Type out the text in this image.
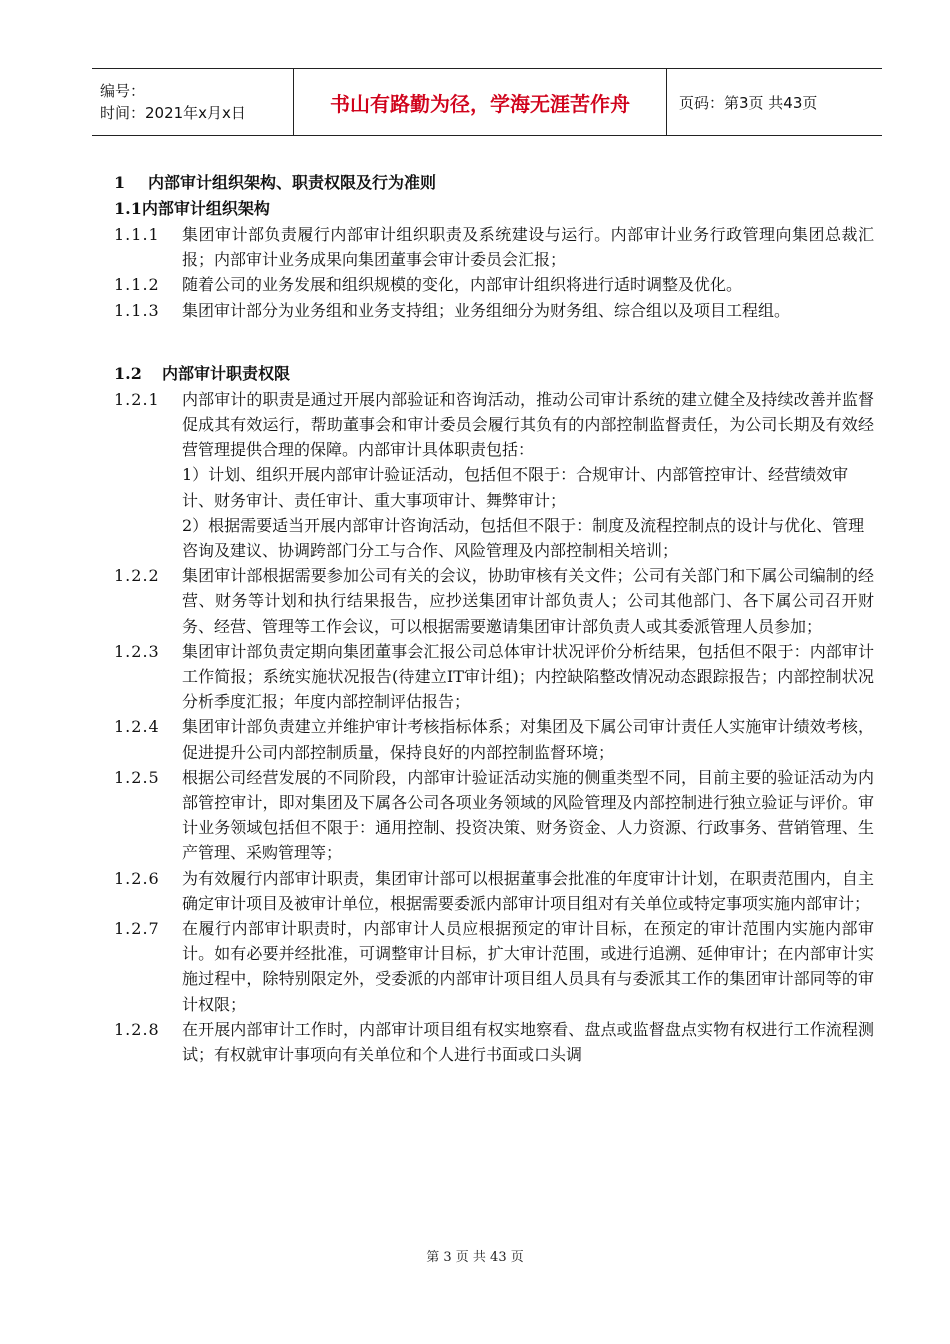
编号：
时间：2021年x月x日	书山有路勤为径，学海无涯苦作舟	页码：第3页 共43页
1 内部审计组织架构、职责权限及行为准则
1.1内部审计组织架构
1.1.1	集团审计部负责履行内部审计组织职责及系统建设与运行。内部审计业务行政管理向集团总裁汇报；内部审计业务成果向集团董事会审计委员会汇报；
1.1.2	随着公司的业务发展和组织规模的变化，内部审计组织将进行适时调整及优化。
1.1.3	集团审计部分为业务组和业务支持组；业务组细分为财务组、综合组以及项目工程组。
1.2 内部审计职责权限
1.2.1	内部审计的职责是通过开展内部验证和咨询活动，推动公司审计系统的建立健全及持续改善并监督促成其有效运行，帮助董事会和审计委员会履行其负有的内部控制监督责任，为公司长期及有效经营管理提供合理的保障。内部审计具体职责包括：
1）计划、组织开展内部审计验证活动，包括但不限于：合规审计、内部管控审计、经营绩效审计、财务审计、责任审计、重大事项审计、舞弊审计；
2）根据需要适当开展内部审计咨询活动，包括但不限于：制度及流程控制点的设计与优化、管理咨询及建议、协调跨部门分工与合作、风险管理及内部控制相关培训；
1.2.2	集团审计部根据需要参加公司有关的会议，协助审核有关文件；公司有关部门和下属公司编制的经营、财务等计划和执行结果报告，应抄送集团审计部负责人；公司其他部门、各下属公司召开财务、经营、管理等工作会议，可以根据需要邀请集团审计部负责人或其委派管理人员参加；
1.2.3	集团审计部负责定期向集团董事会汇报公司总体审计状况评价分析结果，包括但不限于：内部审计工作简报；系统实施状况报告(待建立IT审计组)；内控缺陷整改情况动态跟踪报告；内部控制状况分析季度汇报；年度内部控制评估报告；
1.2.4	集团审计部负责建立并维护审计考核指标体系；对集团及下属公司审计责任人实施审计绩效考核，促进提升公司内部控制质量，保持良好的内部控制监督环境；
1.2.5	根据公司经营发展的不同阶段，内部审计验证活动实施的侧重类型不同，目前主要的验证活动为内部管控审计，即对集团及下属各公司各项业务领域的风险管理及内部控制进行独立验证与评价。审计业务领域包括但不限于：通用控制、投资决策、财务资金、人力资源、行政事务、营销管理、生产管理、采购管理等；
1.2.6	为有效履行内部审计职责，集团审计部可以根据董事会批准的年度审计计划，在职责范围内，自主确定审计项目及被审计单位，根据需要委派内部审计项目组对有关单位或特定事项实施内部审计；
1.2.7	在履行内部审计职责时，内部审计人员应根据预定的审计目标，在预定的审计范围内实施内部审计。如有必要并经批准，可调整审计目标，扩大审计范围，或进行追溯、延伸审计；在内部审计实施过程中，除特别限定外，受委派的内部审计项目组人员具有与委派其工作的集团审计部同等的审计权限；
1.2.8	在开展内部审计工作时，内部审计项目组有权实地察看、盘点或监督盘点实物有权进行工作流程测试；有权就审计事项向有关单位和个人进行书面或口头调
第 3 页 共 43 页
